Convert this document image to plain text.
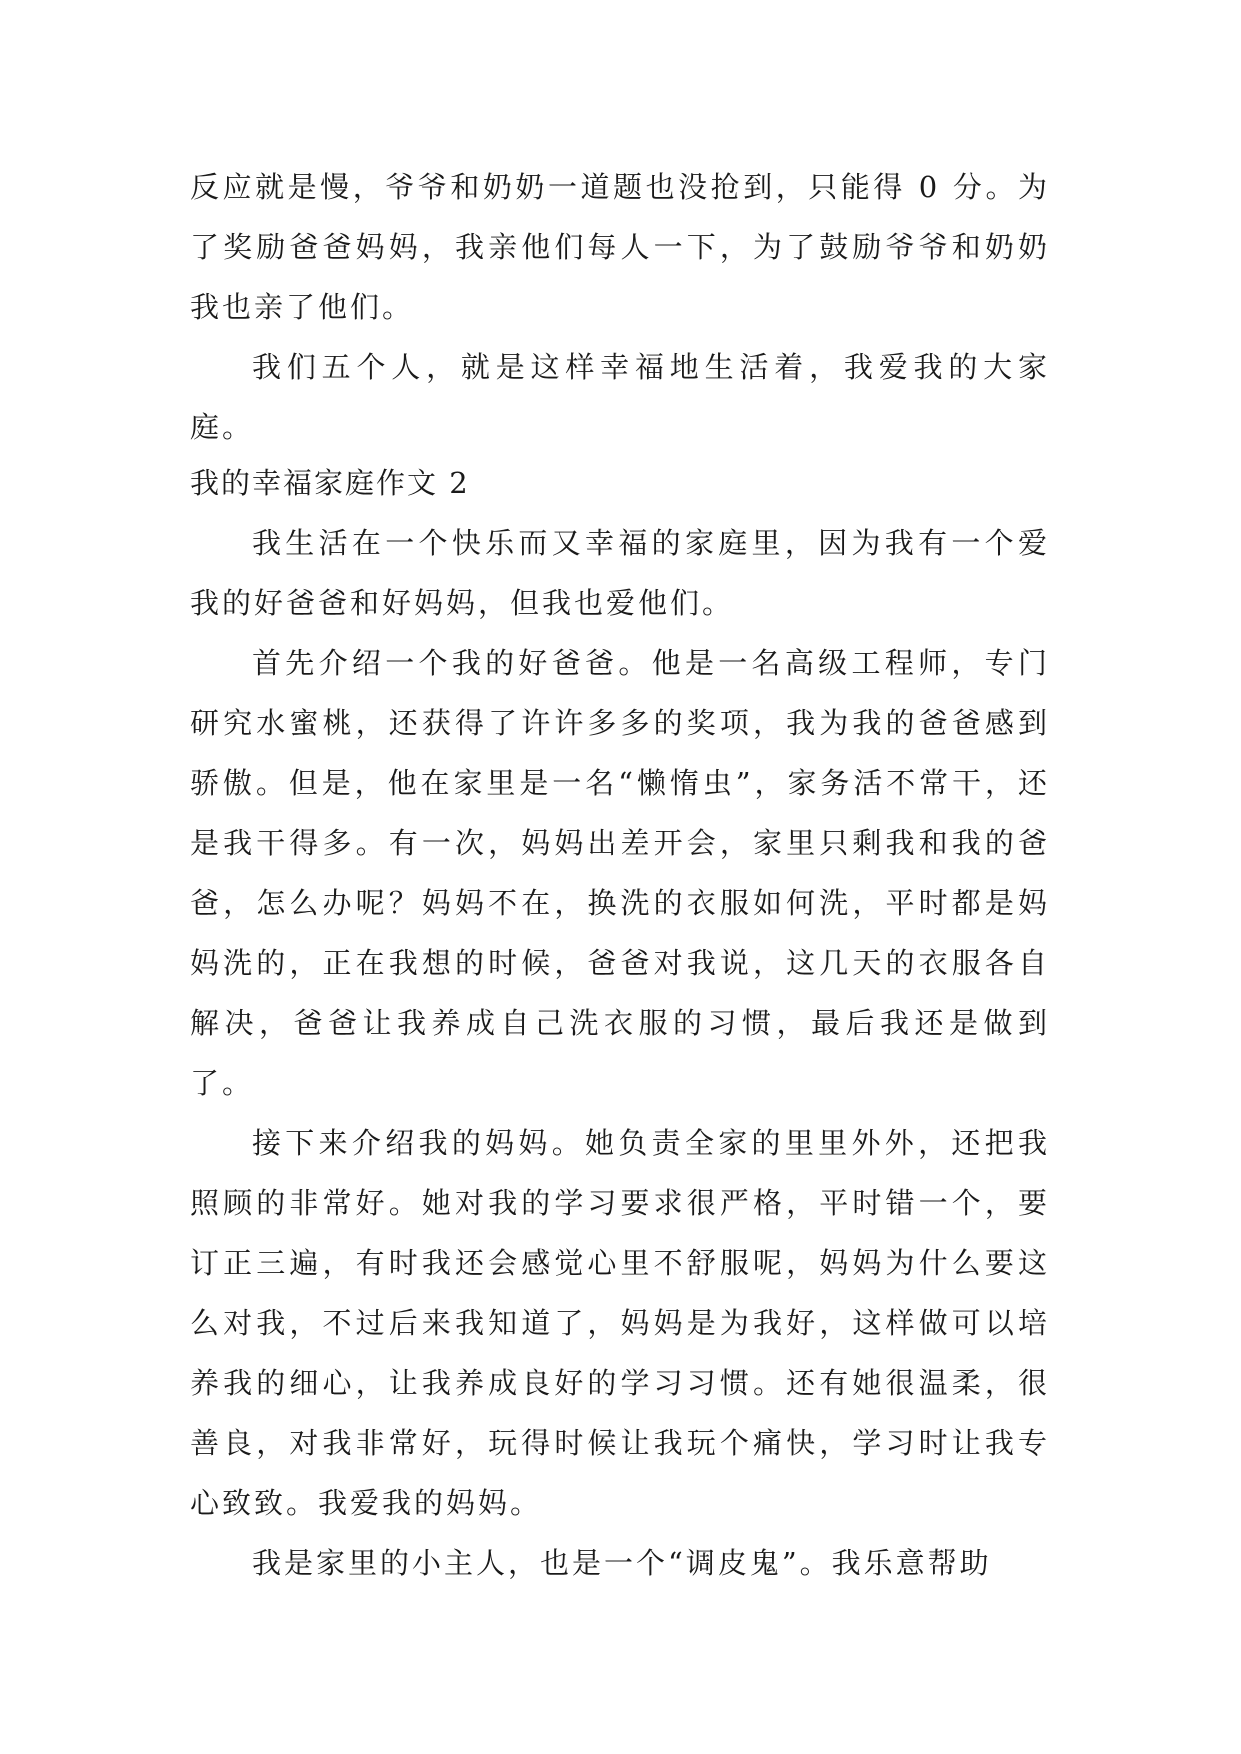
反应就是慢，爷爷和奶奶一道题也没抢到，只能得 0 分。为了奖励爸爸妈妈，我亲他们每人一下，为了鼓励爷爷和奶奶我也亲了他们。

我们五个人，就是这样幸福地生活着，我爱我的大家庭。

我的幸福家庭作文 2

我生活在一个快乐而又幸福的家庭里，因为我有一个爱我的好爸爸和好妈妈，但我也爱他们。

首先介绍一个我的好爸爸。他是一名高级工程师，专门研究水蜜桃，还获得了许许多多的奖项，我为我的爸爸感到骄傲。但是，他在家里是一名“懒惰虫”，家务活不常干，还是我干得多。有一次，妈妈出差开会，家里只剩我和我的爸爸，怎么办呢？妈妈不在，换洗的衣服如何洗，平时都是妈妈洗的，正在我想的时候，爸爸对我说，这几天的衣服各自解决，爸爸让我养成自己洗衣服的习惯，最后我还是做到了。

接下来介绍我的妈妈。她负责全家的里里外外，还把我照顾的非常好。她对我的学习要求很严格，平时错一个，要订正三遍，有时我还会感觉心里不舒服呢，妈妈为什么要这么对我，不过后来我知道了，妈妈是为我好，这样做可以培养我的细心，让我养成良好的学习习惯。还有她很温柔，很善良，对我非常好，玩得时候让我玩个痛快，学习时让我专心致致。我爱我的妈妈。

我是家里的小主人，也是一个“调皮鬼”。我乐意帮助
